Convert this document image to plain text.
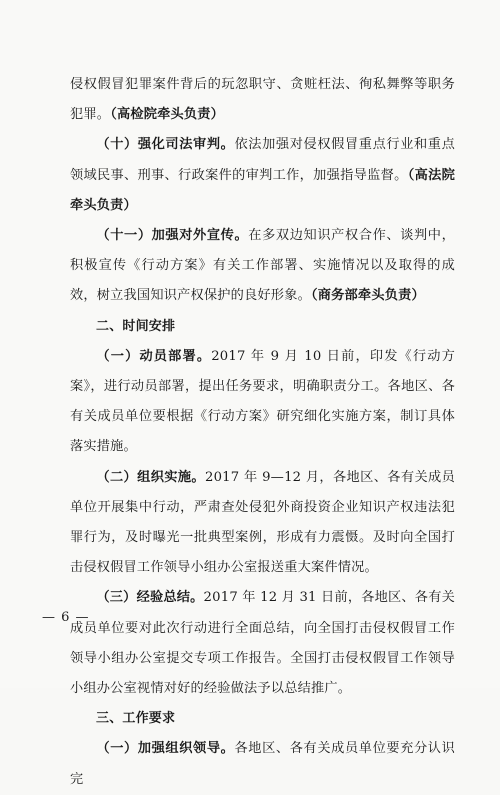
侵权假冒犯罪案件背后的玩忽职守、贪赃枉法、徇私舞弊等职务犯罪。（高检院牵头负责）

（十）强化司法审判。依法加强对侵权假冒重点行业和重点领域民事、刑事、行政案件的审判工作，加强指导监督。（高法院牵头负责）

（十一）加强对外宣传。在多双边知识产权合作、谈判中，积极宣传《行动方案》有关工作部署、实施情况以及取得的成效，树立我国知识产权保护的良好形象。（商务部牵头负责）

二、时间安排

（一）动员部署。2017 年 9 月 10 日前，印发《行动方案》，进行动员部署，提出任务要求，明确职责分工。各地区、各有关成员单位要根据《行动方案》研究细化实施方案，制订具体落实措施。

（二）组织实施。2017 年 9—12 月，各地区、各有关成员单位开展集中行动，严肃查处侵犯外商投资企业知识产权违法犯罪行为，及时曝光一批典型案例，形成有力震慑。及时向全国打击侵权假冒工作领导小组办公室报送重大案件情况。

（三）经验总结。2017 年 12 月 31 日前，各地区、各有关成员单位要对此次行动进行全面总结，向全国打击侵权假冒工作领导小组办公室提交专项工作报告。全国打击侵权假冒工作领导小组办公室视情对好的经验做法予以总结推广。

三、工作要求

（一）加强组织领导。各地区、各有关成员单位要充分认识完

— 6 —
